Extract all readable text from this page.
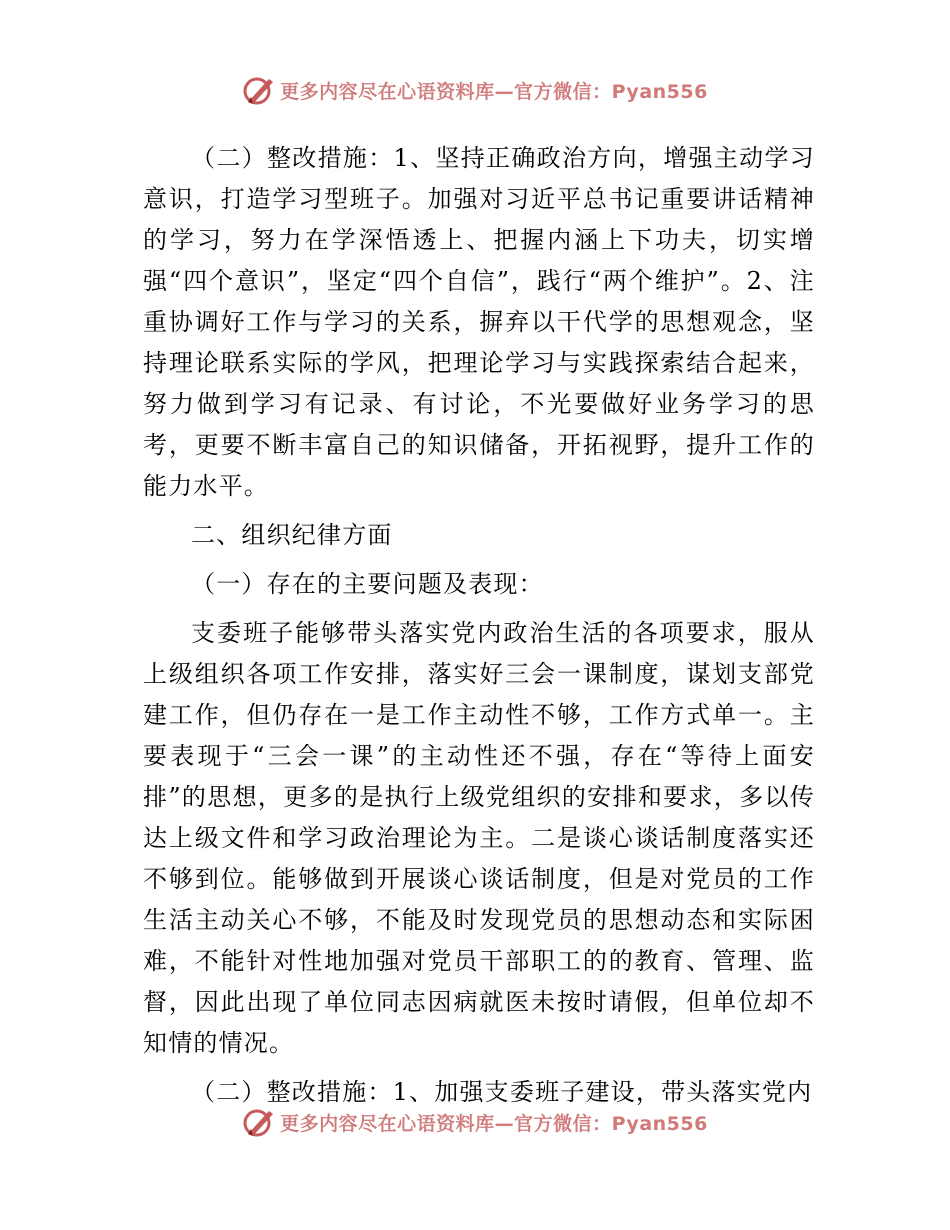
更多内容尽在心语资料库—官方微信：Pyan556

（二）整改措施：1、坚持正确政治方向，增强主动学习意识，打造学习型班子。加强对习近平总书记重要讲话精神的学习，努力在学深悟透上、把握内涵上下功夫，切实增强“四个意识”，坚定“四个自信”，践行“两个维护”。2、注重协调好工作与学习的关系，摒弃以干代学的思想观念，坚持理论联系实际的学风，把理论学习与实践探索结合起来，努力做到学习有记录、有讨论，不光要做好业务学习的思考，更要不断丰富自己的知识储备，开拓视野，提升工作的能力水平。

二、组织纪律方面

（一）存在的主要问题及表现：

支委班子能够带头落实党内政治生活的各项要求，服从上级组织各项工作安排，落实好三会一课制度，谋划支部党建工作，但仍存在一是工作主动性不够，工作方式单一。主要表现于“三会一课”的主动性还不强，存在“等待上面安排”的思想，更多的是执行上级党组织的安排和要求，多以传达上级文件和学习政治理论为主。二是谈心谈话制度落实还不够到位。能够做到开展谈心谈话制度，但是对党员的工作生活主动关心不够，不能及时发现党员的思想动态和实际困难，不能针对性地加强对党员干部职工的的教育、管理、监督，因此出现了单位同志因病就医未按时请假，但单位却不知情的情况。

（二）整改措施：1、加强支委班子建设，带头落实党内

更多内容尽在心语资料库—官方微信：Pyan556
